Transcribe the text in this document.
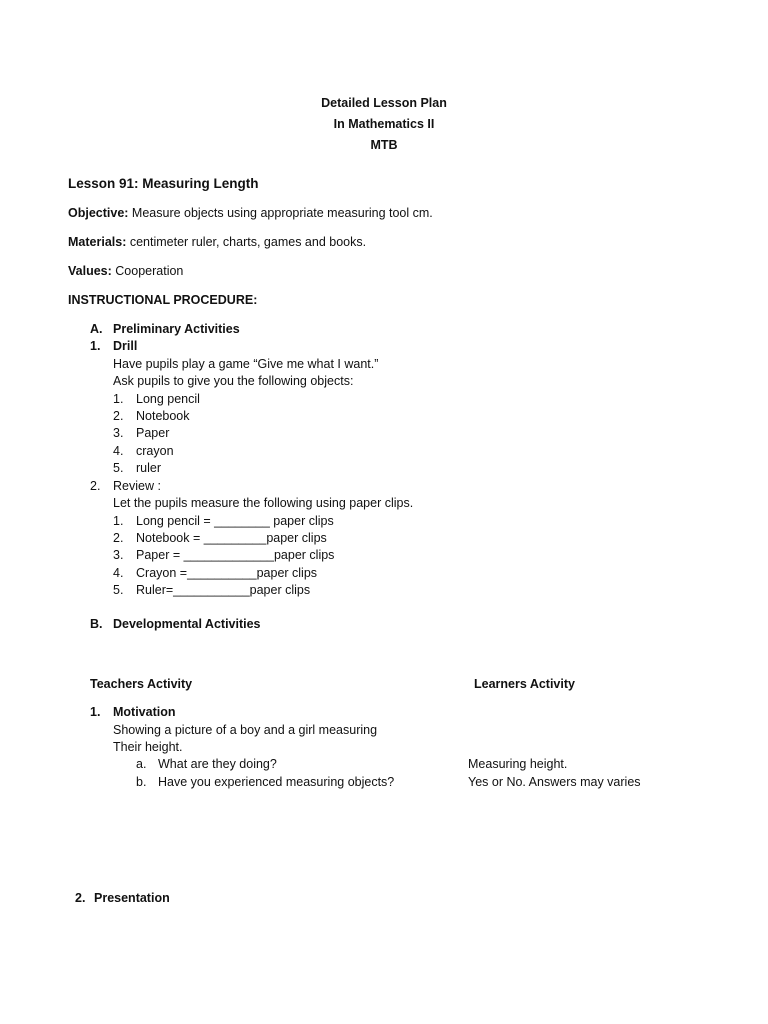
Detailed Lesson Plan
In Mathematics II
MTB
Lesson 91: Measuring Length
Objective: Measure objects using appropriate measuring tool cm.
Materials: centimeter ruler, charts, games and books.
Values: Cooperation
INSTRUCTIONAL PROCEDURE:
A. Preliminary Activities
1. Drill
Have pupils play a game “Give me what I want.”
Ask pupils to give you the following objects:
1. Long pencil
2. Notebook
3. Paper
4. crayon
5. ruler
2. Review :
Let the pupils measure the following using paper clips.
1. Long pencil = ________ paper clips
2. Notebook = _________paper clips
3. Paper = _____________paper clips
4. Crayon =__________paper clips
5. Ruler=___________paper clips
B. Developmental Activities
Teachers Activity	Learners Activity
1. Motivation
Showing a picture of a boy and a girl measuring
Their height.
a. What are they doing?	Measuring height.
b. Have you experienced measuring objects?	Yes or No. Answers may varies
2. Presentation
